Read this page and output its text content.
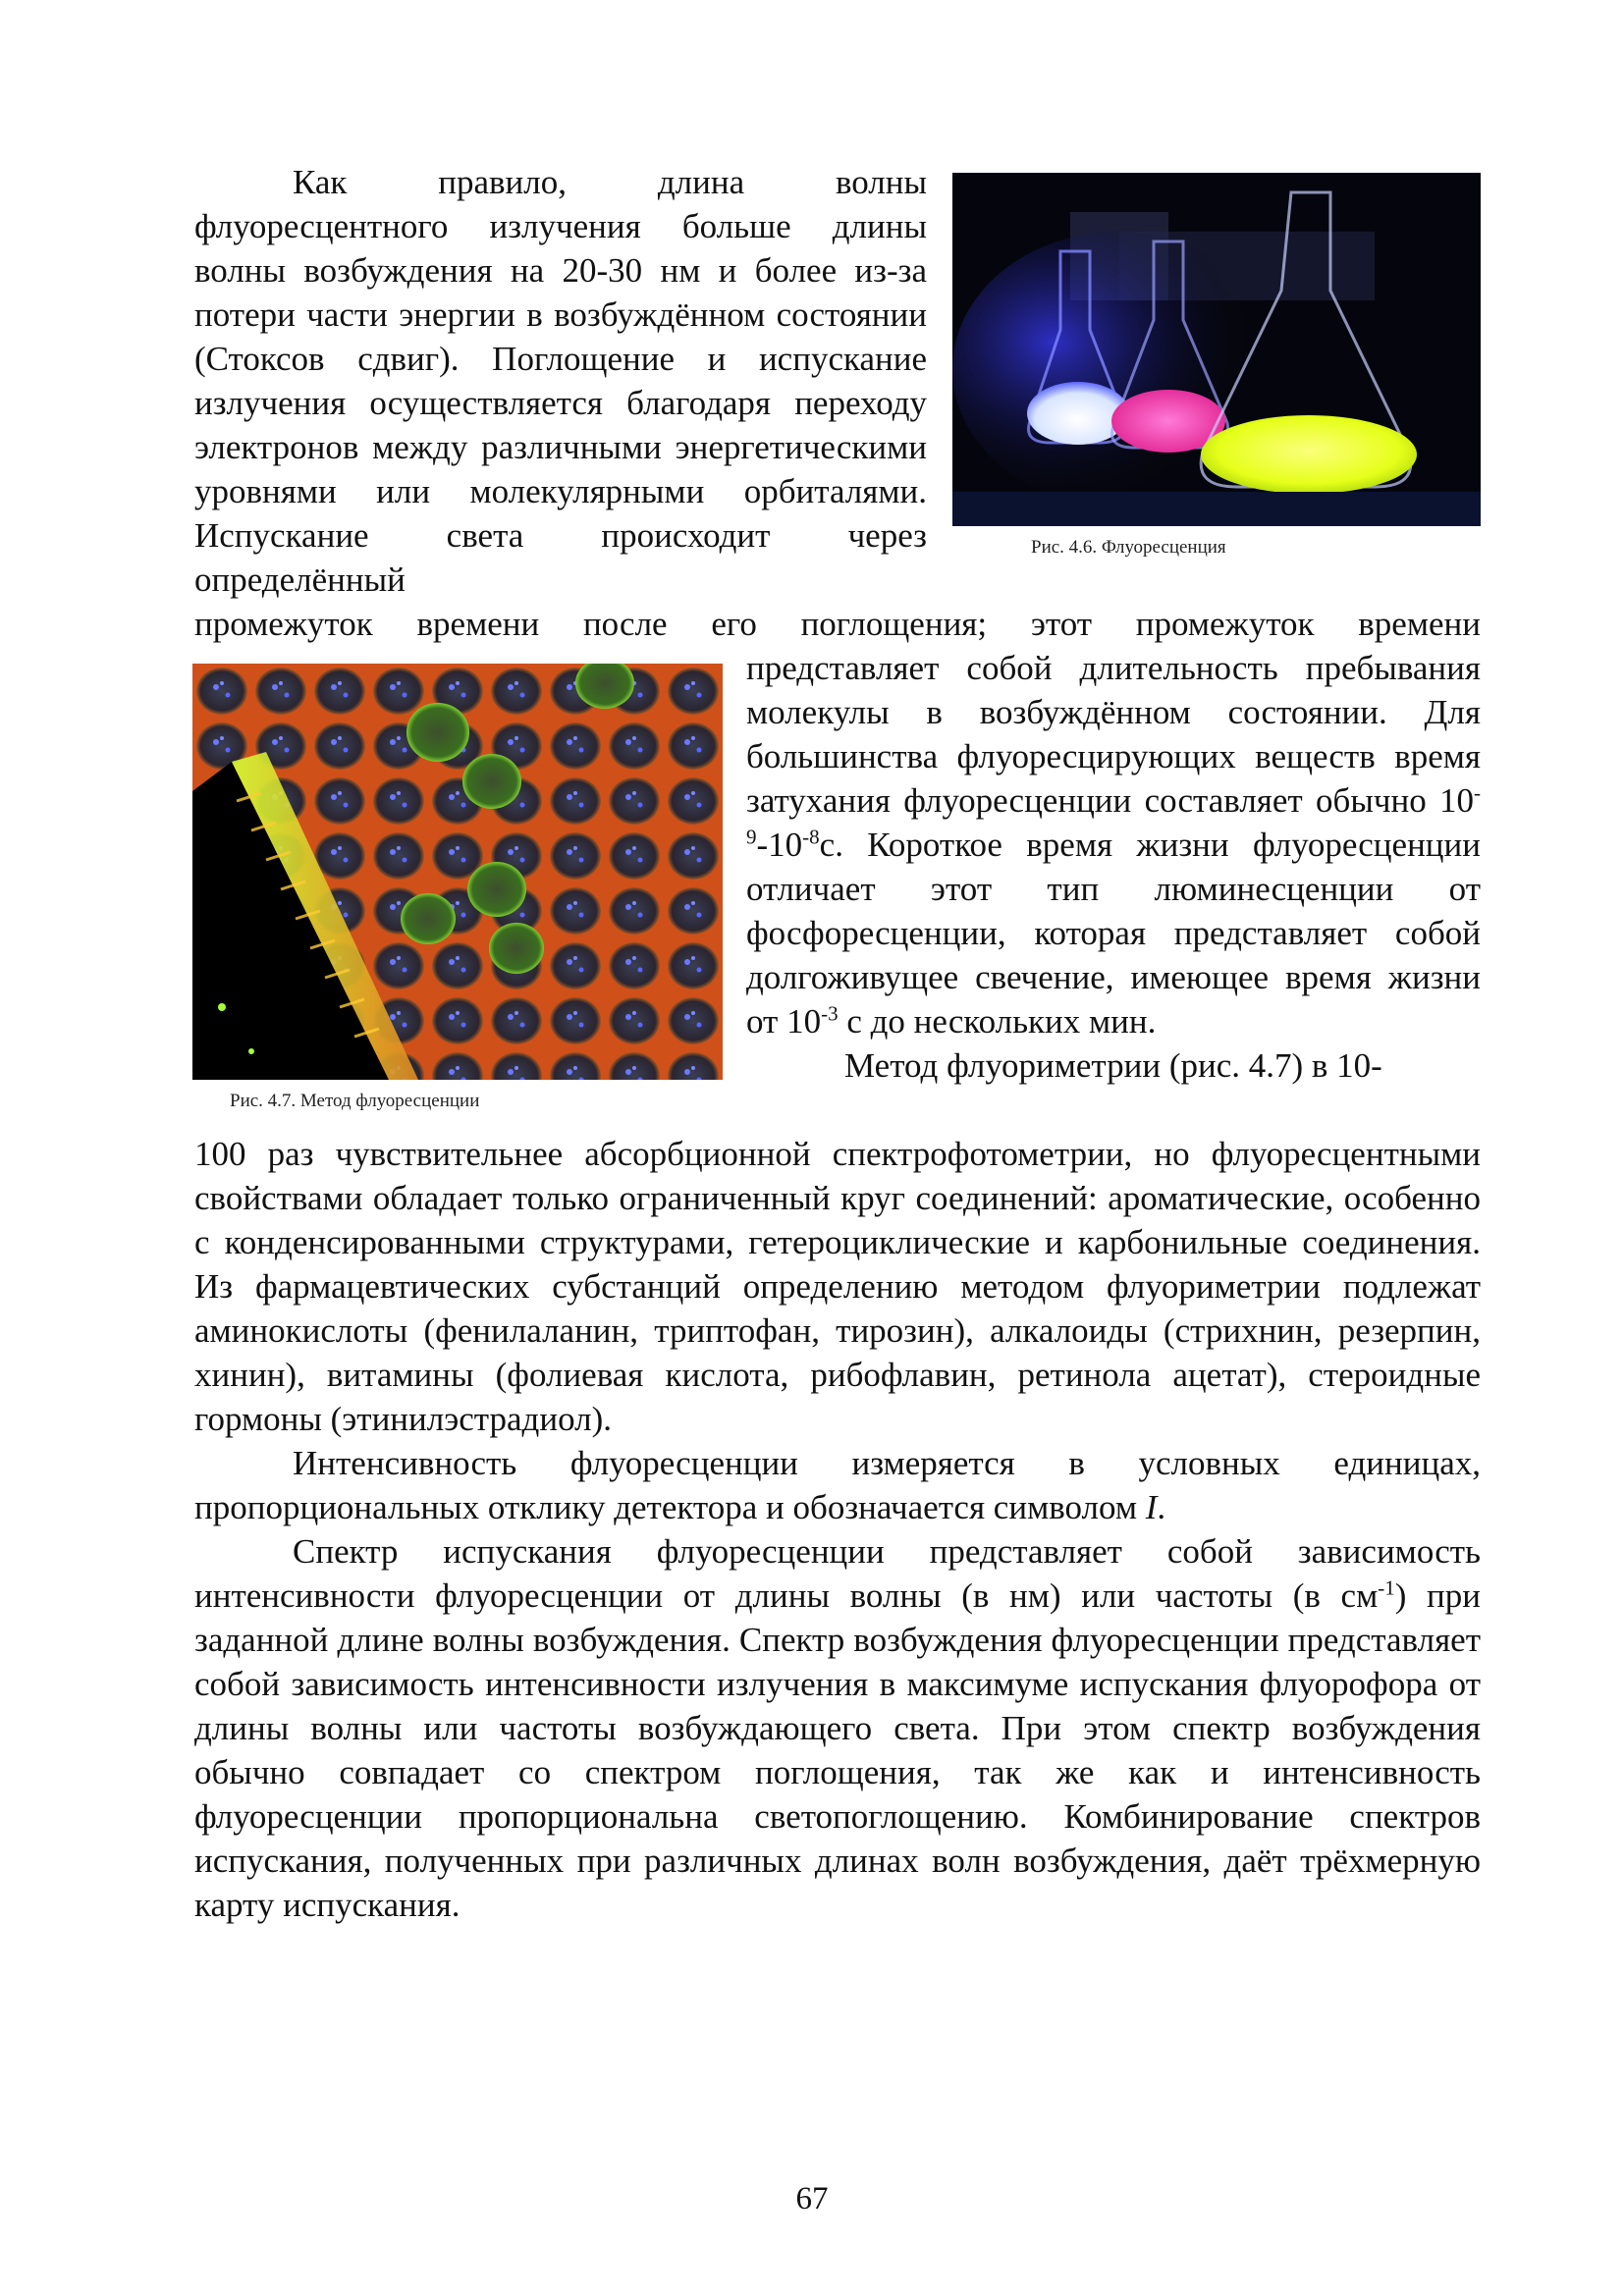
Как правило, длина волны флуоресцентного излучения больше длины волны возбуждения на 20-30 нм и более из-за потери части энергии в возбуждённом состоянии (Стоксов сдвиг). Поглощение и испускание излучения осуществляется благодаря переходу электронов между различными энергетическими уровнями или молекулярными орбиталями. Испускание света происходит через определённый

Рис. 4.6. Флуоресценция

промежуток времени после его поглощения; этот промежуток времени

Рис. 4.7. Метод флуоресценции

представляет собой длительность пребывания молекулы в возбуждённом состоянии. Для большинства флуоресцирующих веществ время затухания флуоресценции составляет обычно $10^{-9}-10^{-8}с$. Короткое время жизни флуоресценции отличает этот тип люминесценции от фосфоресценции, которая представляет собой долгоживущее свечение, имеющее время жизни от $10^{-3}$ с до нескольких мин.
Метод флуориметрии (рис. 4.7) в 10-

100 раз чувствительнее абсорбционной спектрофотометрии, но флуоресцентными свойствами обладает только ограниченный круг соединений: ароматические, особенно с конденсированными структурами, гетероциклические и карбонильные соединения. Из фармацевтических субстанций определению методом флуориметрии подлежат аминокислоты (фенилаланин, триптофан, тирозин), алкалоиды (стрихнин, резерпин, хинин), витамины (фолиевая кислота, рибофлавин, ретинола ацетат), стероидные гормоны (этинилэстрадиол).

Интенсивность флуоресценции измеряется в условных единицах, пропорциональных отклику детектора и обозначается символом I.

Спектр испускания флуоресценции представляет собой зависимость интенсивности флуоресценции от длины волны (в нм) или частоты (в $см^{-1}$) при заданной длине волны возбуждения. Спектр возбуждения флуоресценции представляет собой зависимость интенсивности излучения в максимуме испускания флуорофора от длины волны или частоты возбуждающего света. При этом спектр возбуждения обычно совпадает со спектром поглощения, так же как и интенсивность флуоресценции пропорциональна светопоглощению. Комбинирование спектров испускания, полученных при различных длинах волн возбуждения, даёт трёхмерную карту испускания.

67
